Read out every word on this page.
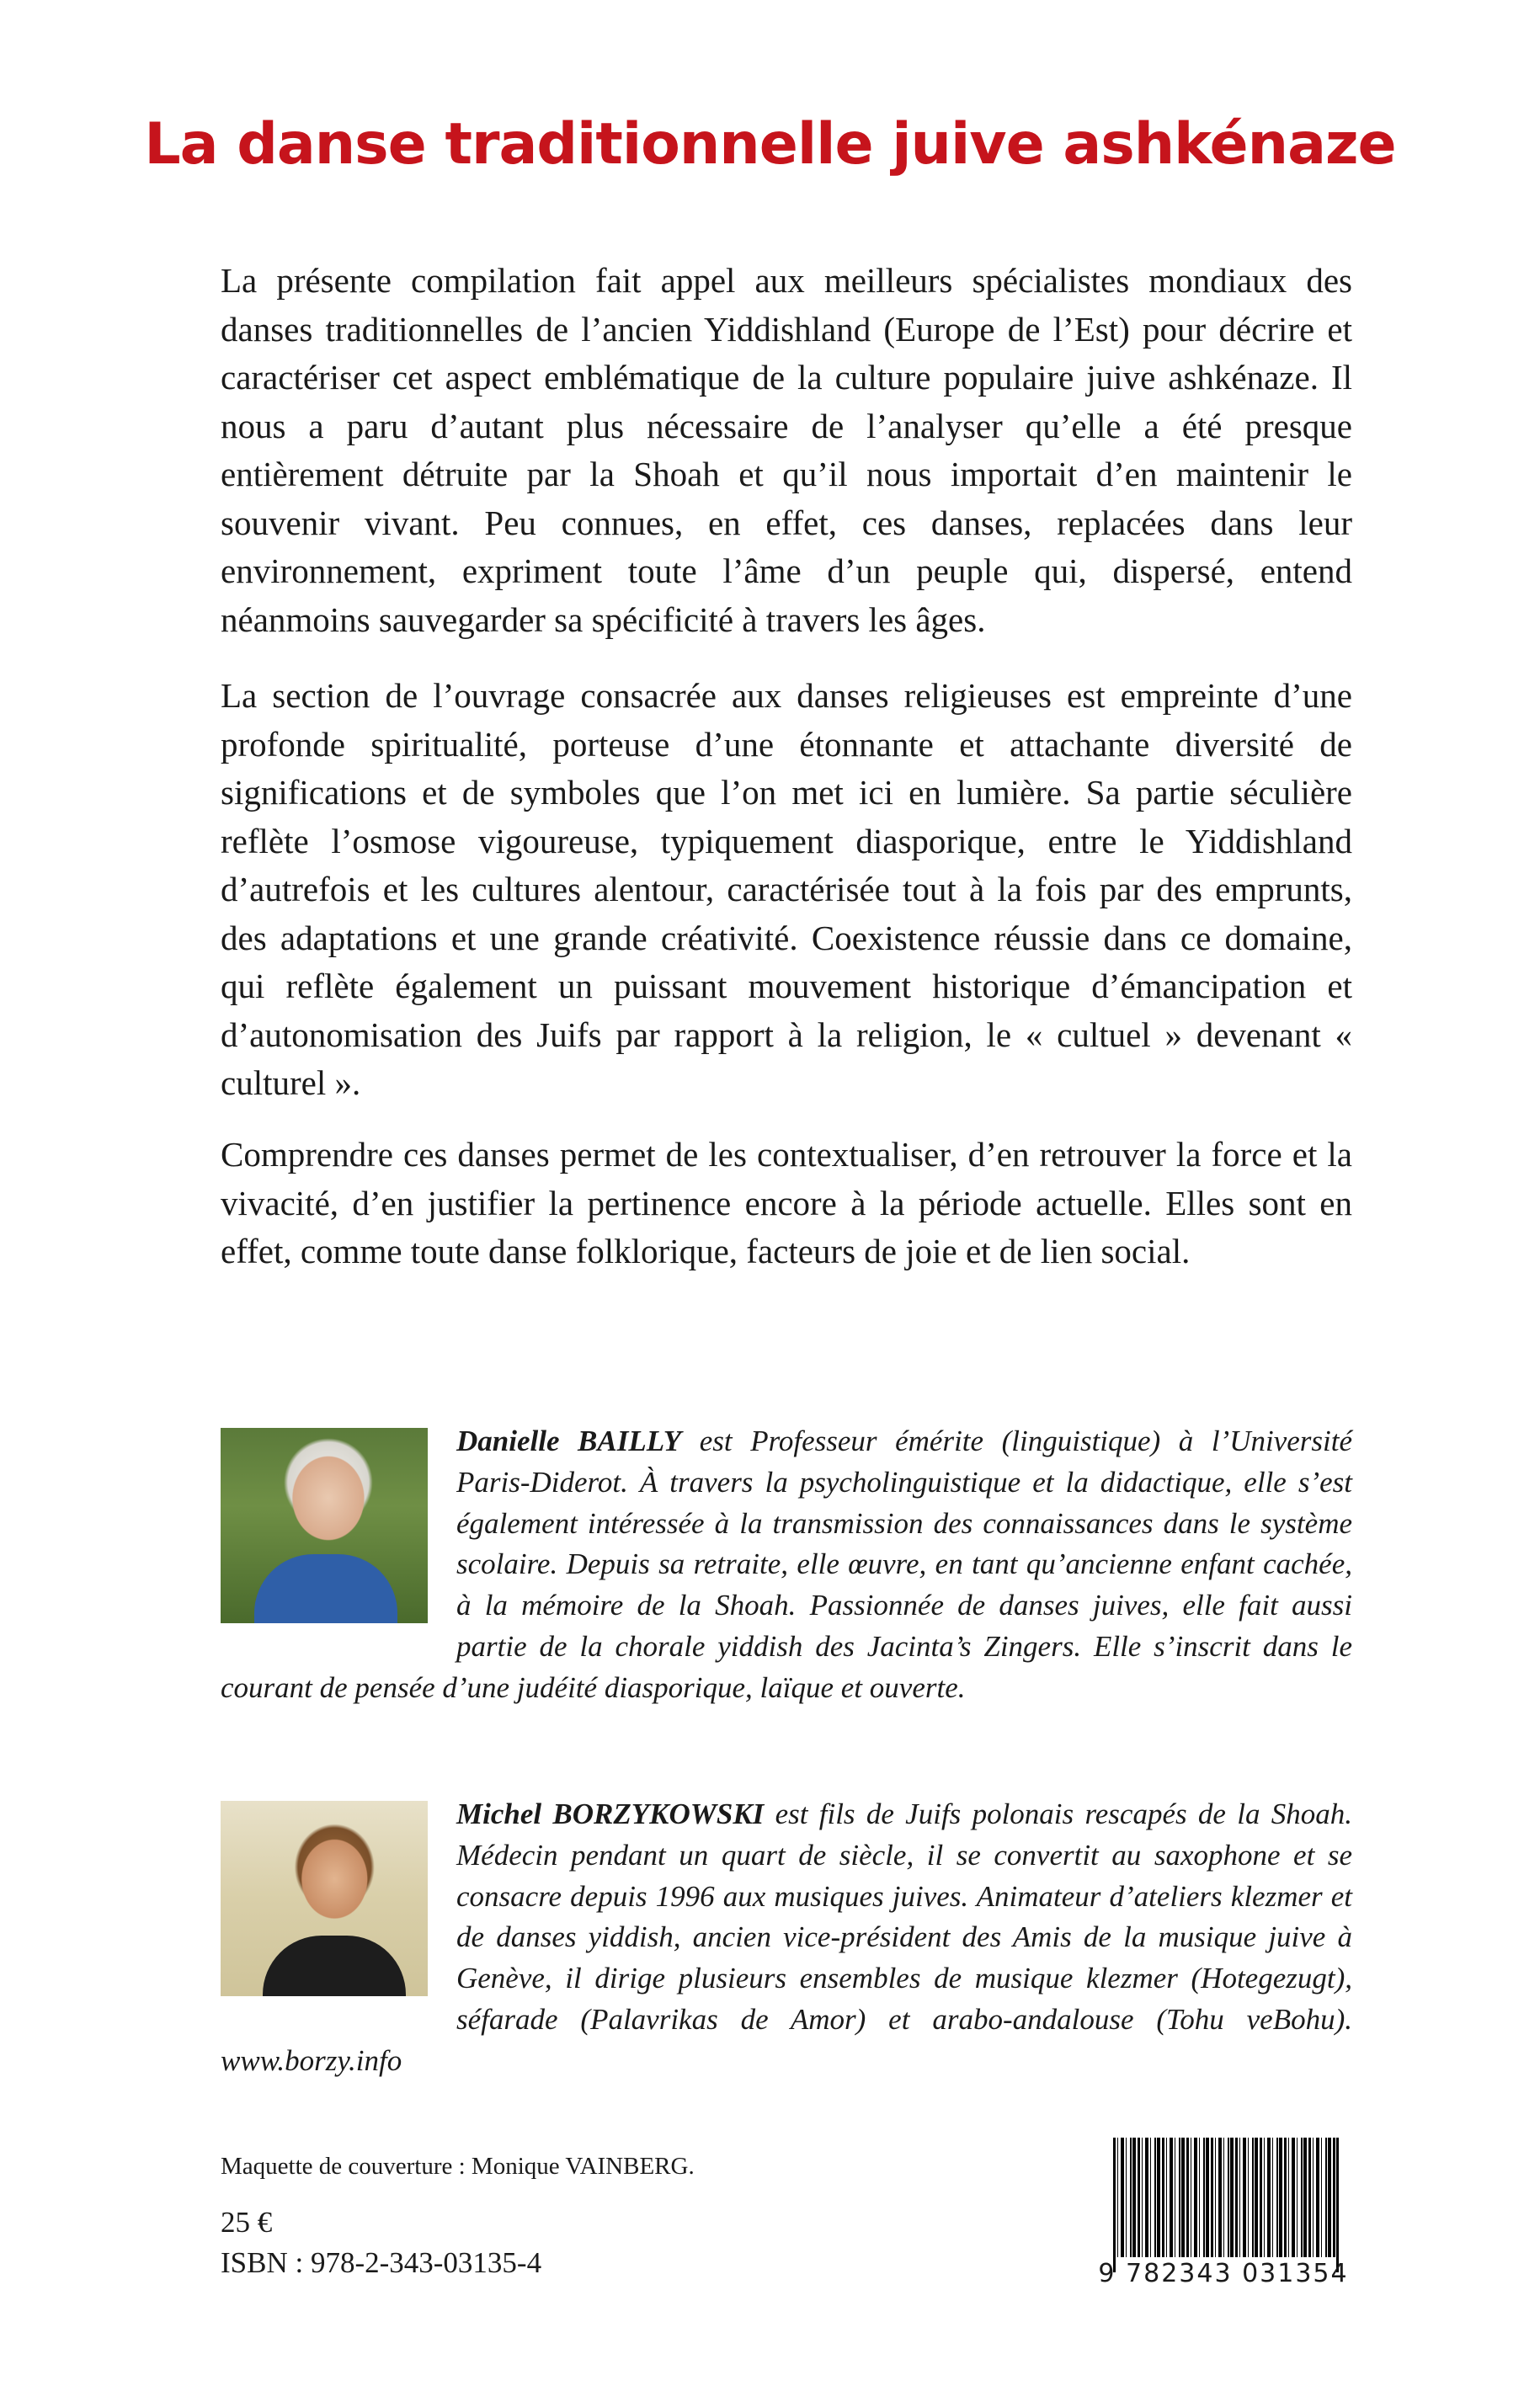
La danse traditionnelle juive ashkénaze

La présente compilation fait appel aux meilleurs spécialistes mondiaux des danses traditionnelles de l’ancien Yiddishland (Europe de l’Est) pour décrire et caractériser cet aspect emblématique de la culture populaire juive ashkénaze. Il nous a paru d’autant plus nécessaire de l’analyser qu’elle a été presque entièrement détruite par la Shoah et qu’il nous importait d’en maintenir le souvenir vivant. Peu connues, en effet, ces danses, replacées dans leur environnement, expriment toute l’âme d’un peuple qui, dispersé, entend néanmoins sauvegarder sa spécificité à travers les âges.

La section de l’ouvrage consacrée aux danses religieuses est empreinte d’une profonde spiritualité, porteuse d’une étonnante et attachante diversité de significations et de symboles que l’on met ici en lumière. Sa partie séculière reflète l’osmose vigoureuse, typiquement diasporique, entre le Yiddishland d’autrefois et les cultures alentour, caractérisée tout à la fois par des emprunts, des adaptations et une grande créativité. Coexistence réussie dans ce domaine, qui reflète également un puissant mouvement historique d’émancipation et d’autonomisation des Juifs par rapport à la religion, le « cultuel » devenant « culturel ».

Comprendre ces danses permet de les contextualiser, d’en retrouver la force et la vivacité, d’en justifier la pertinence encore à la période actuelle. Elles sont en effet, comme toute danse folklorique, facteurs de joie et de lien social.

Danielle BAILLY est Professeur émérite (linguistique) à l’Université Paris-Diderot. À travers la psycholinguistique et la didactique, elle s’est également intéressée à la transmission des connaissances dans le système scolaire. Depuis sa retraite, elle œuvre, en tant qu’ancienne enfant cachée, à la mémoire de la Shoah. Passionnée de danses juives, elle fait aussi partie de la chorale yiddish des Jacinta’s Zingers. Elle s’inscrit dans le courant de pensée d’une judéité diasporique, laïque et ouverte.
Michel BORZYKOWSKI est fils de Juifs polonais rescapés de la Shoah. Médecin pendant un quart de siècle, il se convertit au saxophone et se consacre depuis 1996 aux musiques juives. Animateur d’ateliers klezmer et de danses yiddish, ancien vice-président des Amis de la musique juive à Genève, il dirige plusieurs ensembles de musique klezmer (Hotegezugt), séfarade (Palavrikas de Amor) et arabo-andalouse (Tohu veBohu). www.borzy.info

Maquette de couverture : Monique VAINBERG.

25 €

ISBN : 978-2-343-03135-4	9 782343 031354
